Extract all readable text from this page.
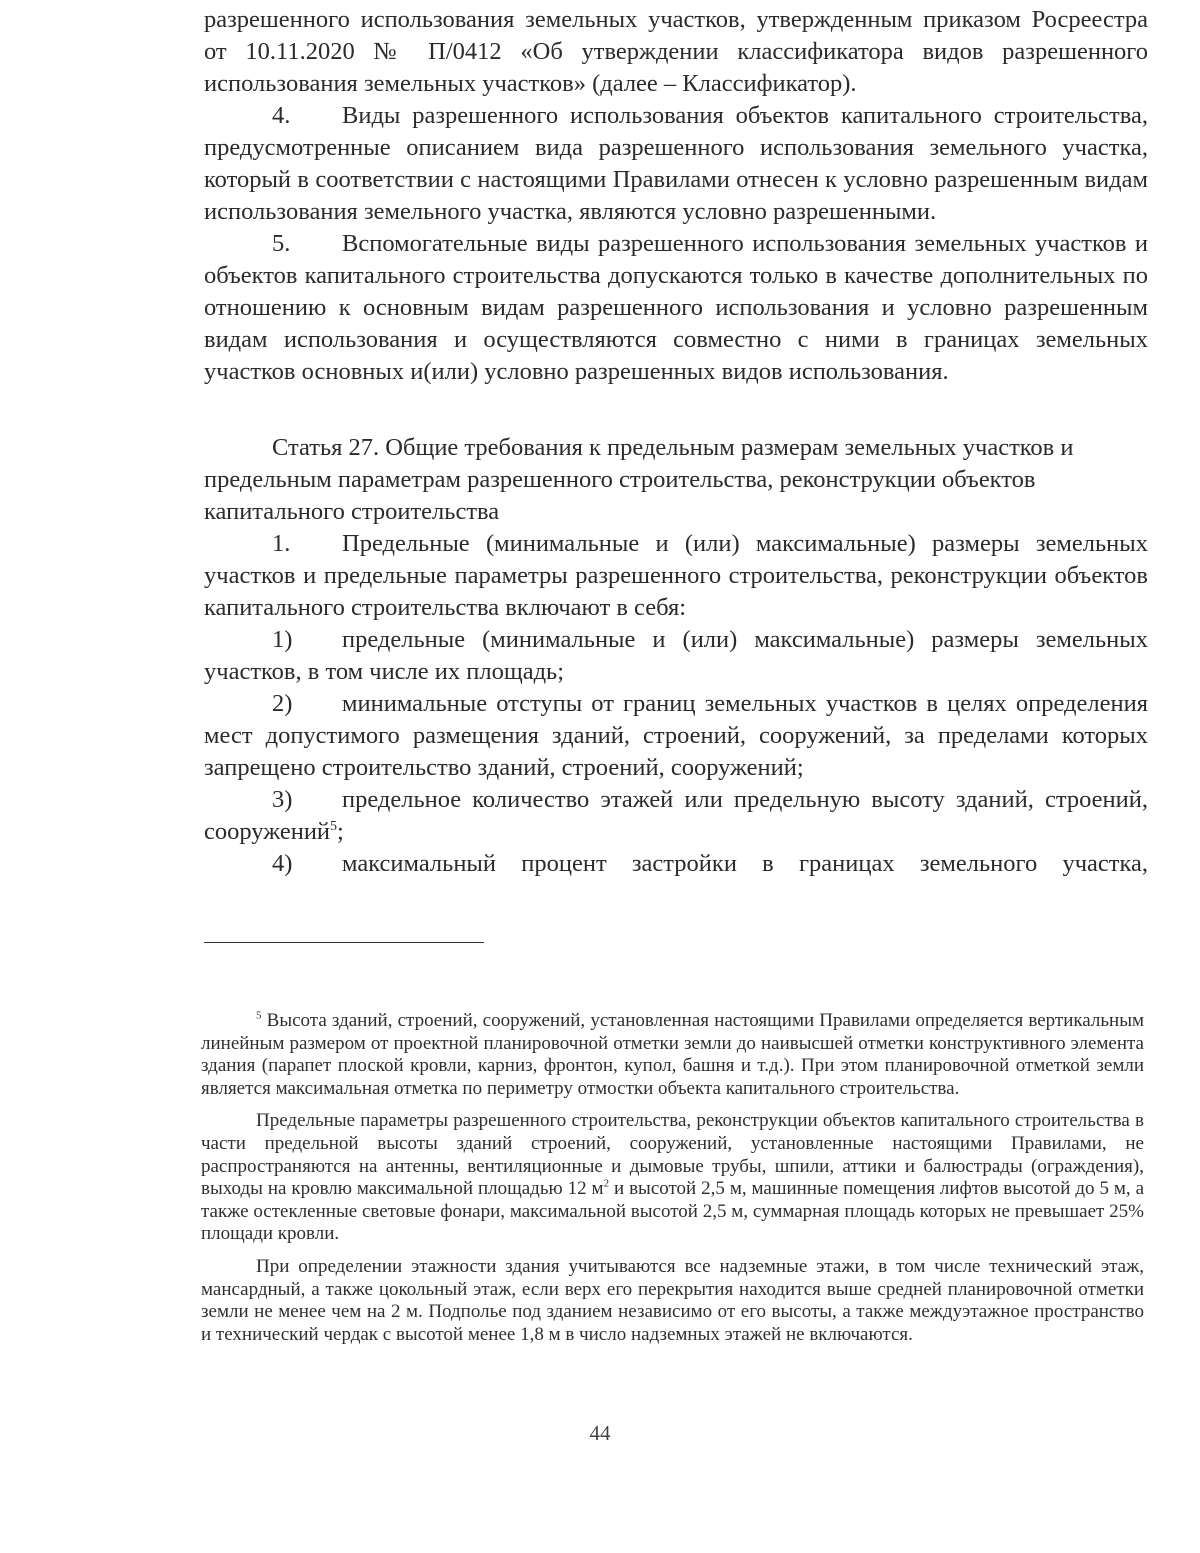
разрешенного использования земельных участков, утвержденным приказом Росреестра от 10.11.2020 № П/0412 «Об утверждении классификатора видов разрешенного использования земельных участков» (далее – Классификатор).

4. Виды разрешенного использования объектов капитального строительства, предусмотренные описанием вида разрешенного использования земельного участка, который в соответствии с настоящими Правилами отнесен к условно разрешенным видам использования земельного участка, являются условно разрешенными.

5. Вспомогательные виды разрешенного использования земельных участков и объектов капитального строительства допускаются только в качестве дополнительных по отношению к основным видам разрешенного использования и условно разрешенным видам использования и осуществляются совместно с ними в границах земельных участков основных и(или) условно разрешенных видов использования.

Статья 27. Общие требования к предельным размерам земельных участков и предельным параметрам разрешенного строительства, реконструкции объектов капитального строительства

1. Предельные (минимальные и (или) максимальные) размеры земельных участков и предельные параметры разрешенного строительства, реконструкции объектов капитального строительства включают в себя:

1) предельные (минимальные и (или) максимальные) размеры земельных участков, в том числе их площадь;

2) минимальные отступы от границ земельных участков в целях определения мест допустимого размещения зданий, строений, сооружений, за пределами которых запрещено строительство зданий, строений, сооружений;

3) предельное количество этажей или предельную высоту зданий, строений, сооружений$^5$;

4) максимальный процент застройки в границах земельного участка,

$^5$ Высота зданий, строений, сооружений, установленная настоящими Правилами определяется вертикальным линейным размером от проектной планировочной отметки земли до наивысшей отметки конструктивного элемента здания (парапет плоской кровли, карниз, фронтон, купол, башня и т.д.). При этом планировочной отметкой земли является максимальная отметка по периметру отмостки объекта капитального строительства.

Предельные параметры разрешенного строительства, реконструкции объектов капитального строительства в части предельной высоты зданий строений, сооружений, установленные настоящими Правилами, не распространяются на антенны, вентиляционные и дымовые трубы, шпили, аттики и балюстрады (ограждения), выходы на кровлю максимальной площадью 12 $м^2$ и высотой 2,5 м, машинные помещения лифтов высотой до 5 м, а также остекленные световые фонари, максимальной высотой 2,5 м, суммарная площадь которых не превышает 25% площади кровли.

При определении этажности здания учитываются все надземные этажи, в том числе технический этаж, мансардный, а также цокольный этаж, если верх его перекрытия находится выше средней планировочной отметки земли не менее чем на 2 м. Подполье под зданием независимо от его высоты, а также междуэтажное пространство и технический чердак с высотой менее 1,8 м в число надземных этажей не включаются.

44
